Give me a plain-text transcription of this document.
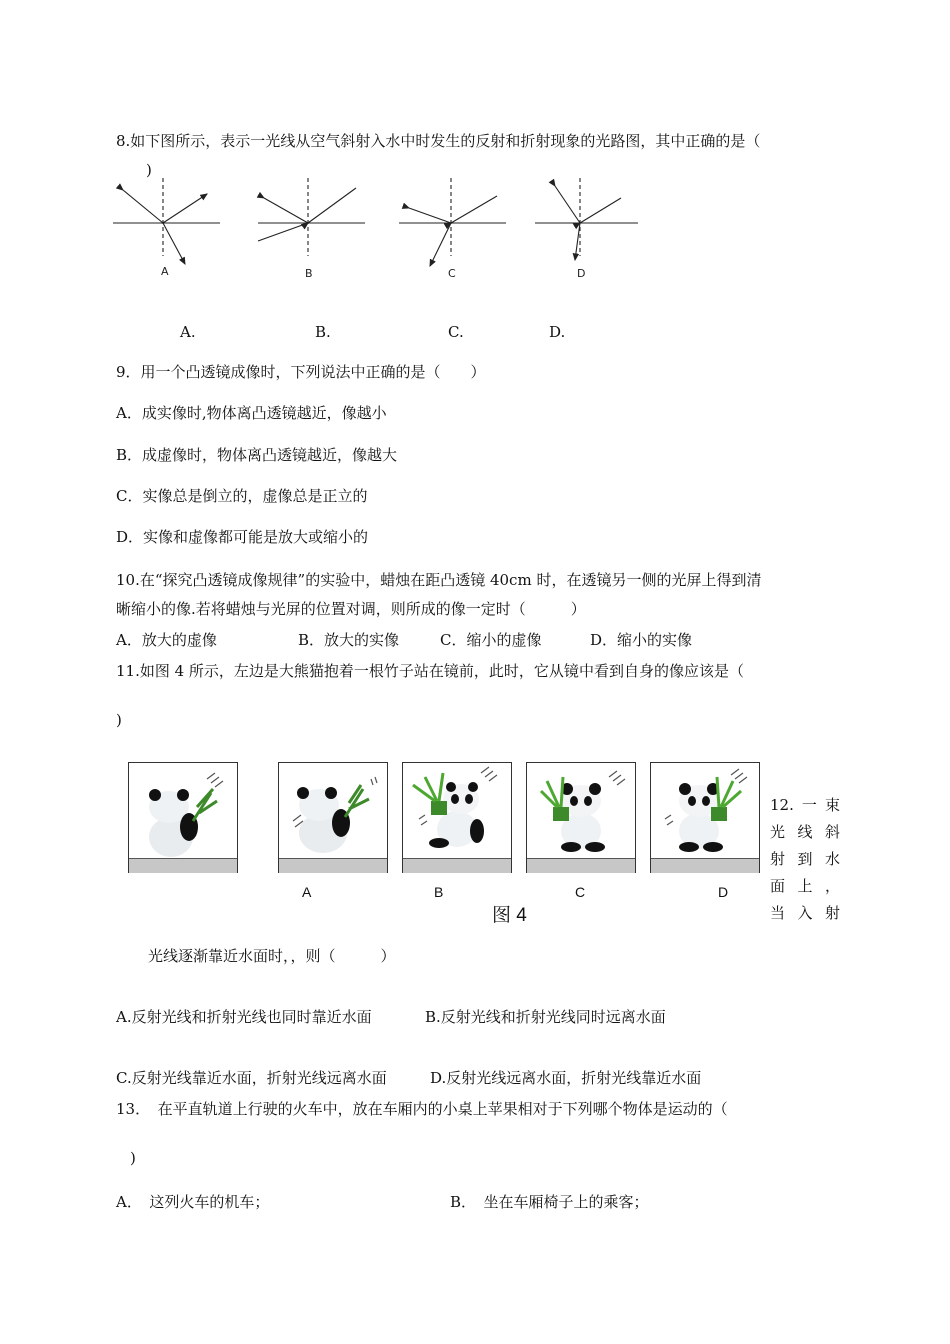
8.如下图所示，表示一光线从空气斜射入水中时发生的反射和折射现象的光路图，其中正确的是（
)
A	B	C	D
A.	B.	C.	D.
9．用一个凸透镜成像时，下列说法中正确的是（　　）
A．成实像时,物体离凸透镜越近，像越小
B．成虚像时，物体离凸透镜越近，像越大
C．实像总是倒立的，虚像总是正立的
D．实像和虚像都可能是放大或缩小的
10.在“探究凸透镜成像规律”的实验中，蜡烛在距凸透镜 40cm 时，在透镜另一侧的光屏上得到清
晰缩小的像.若将蜡烛与光屏的位置对调，则所成的像一定时（　　　）
A．放大的虚像	B．放大的实像	C．缩小的虚像	D．缩小的实像
11.如图 4 所示，左边是大熊猫抱着一根竹子站在镜前，此时，它从镜中看到自身的像应该是（
)
A	B	C	D
图 4
12.一束
光线斜
射到水
面上，
当入射
光线逐渐靠近水面时，，则（　　　）
A.反射光线和折射光线也同时靠近水面	B.反射光线和折射光线同时远离水面
C.反射光线靠近水面，折射光线远离水面	D.反射光线远离水面，折射光线靠近水面
13．　在平直轨道上行驶的火车中，放在车厢内的小桌上苹果相对于下列哪个物体是运动的（
)
A．　这列火车的机车；	B．　坐在车厢椅子上的乘客；
